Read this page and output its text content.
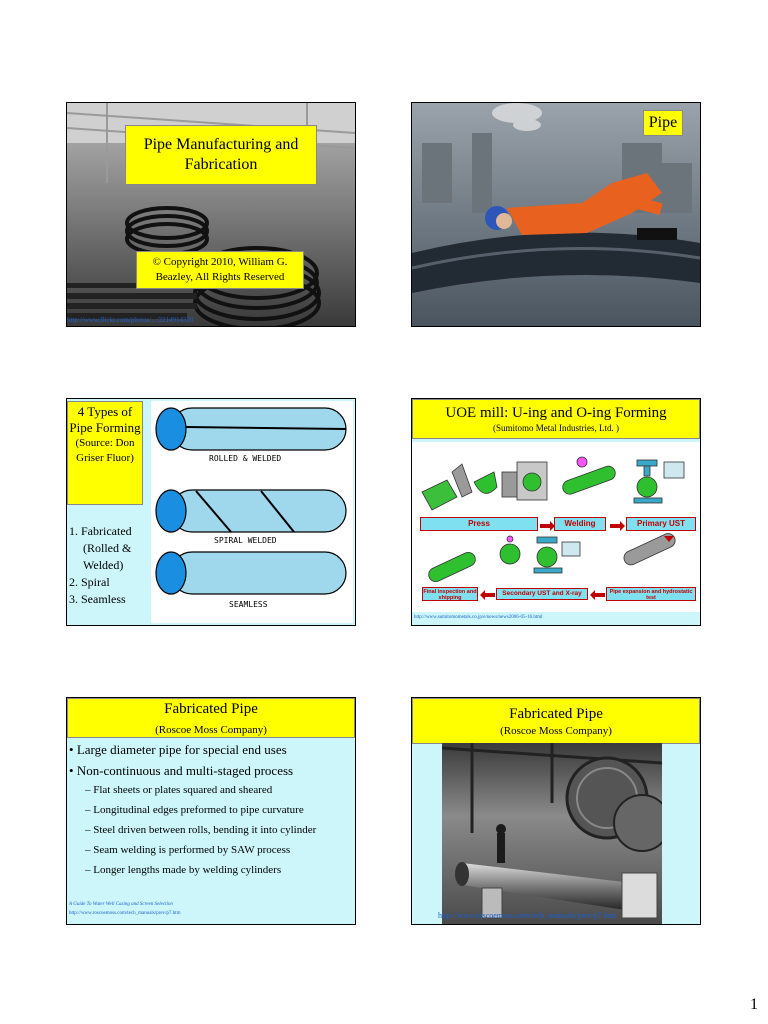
Pipe Manufacturing and Fabrication
© Copyright 2010, William G. Beazley, All Rights Reserved
http://www.flickr.com/photos/.../2214914320
Pipe
4 Types of Pipe Forming
(Source: Don Griser Fluor)
1. Fabricated (Rolled & Welded)
2. Spiral
3. Seamless
ROLLED & WELDED
SPIRAL WELDED
SEAMLESS
UOE mill: U-ing and O-ing Forming
(Sumitomo Metal Industries, Ltd. )
Press	Welding	Primary UST
Pipe expansion and hydrostatic test
Secondary UST and X-ray
Final inspection and shipping
http://www.sumitomometals.co.jp/e/news/news2006-05-16.html
Fabricated Pipe
(Roscoe Moss Company)
• Large diameter pipe for special end uses
• Non-continuous and multi-staged process
– Flat sheets or plates squared and sheared
– Longitudinal edges preformed to pipe curvature
– Steel driven between rolls, bending it into cylinder
– Seam welding is performed by SAW process
– Longer lengths made by welding cylinders
A Guide To Water Well Casing and Screen Selection
http://www.roscoemoss.com/tech_manuals/prev/p7.htm
Fabricated Pipe
(Roscoe Moss Company)
http://www.roscoemoss.com/tech_manuals/prev/p7.htm
1
